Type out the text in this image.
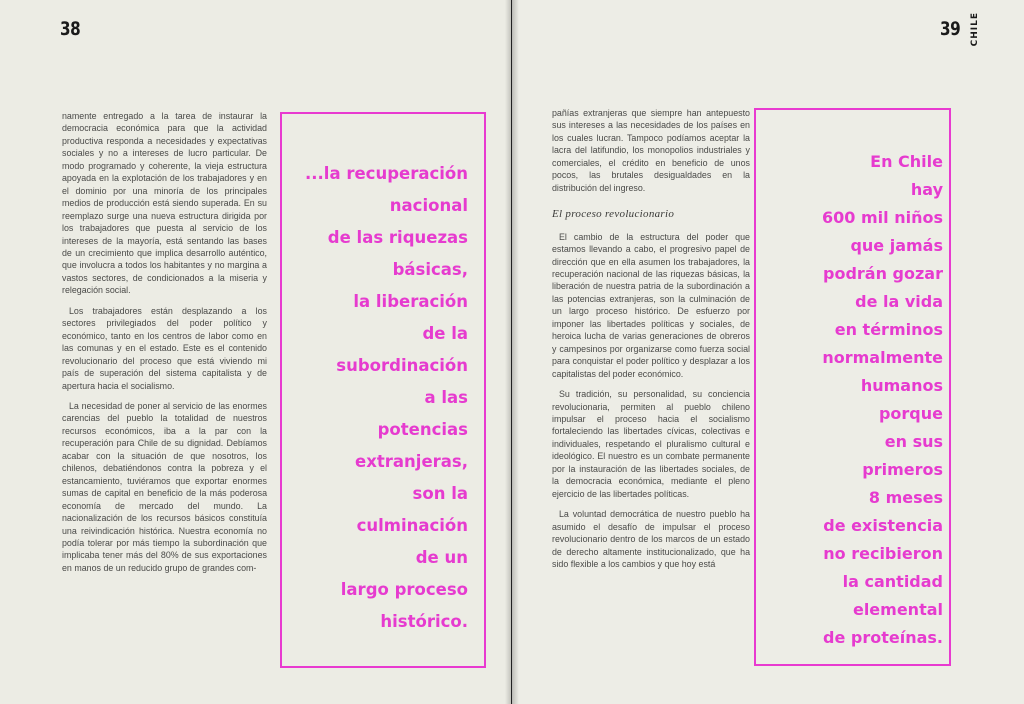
38

namente entregado a la tarea de instaurar la democracia económica para que la actividad productiva responda a necesidades y expectativas sociales y no a intereses de lucro particular. De modo programado y coherente, la vieja estructura apoyada en la explotación de los trabajadores y en el dominio por una minoría de los principales medios de producción está siendo superada. En su reemplazo surge una nueva estructura dirigida por los trabajadores que puesta al servicio de los intereses de la mayoría, está sentando las bases de un crecimiento que implica desarrollo auténtico, que involucra a todos los habitantes y no margina a vastos sectores, de condicionados a la miseria y relegación social.

Los trabajadores están desplazando a los sectores privilegiados del poder político y económico, tanto en los centros de labor como en las comunas y en el estado. Este es el contenido revolucionario del proceso que está viviendo mi país de superación del sistema capitalista y de apertura hacia el socialismo.

La necesidad de poner al servicio de las enormes carencias del pueblo la totalidad de nuestros recursos económicos, iba a la par con la recuperación para Chile de su dignidad. Debíamos acabar con la situación de que nosotros, los chilenos, debatiéndonos contra la pobreza y el estancamiento, tuviéramos que exportar enormes sumas de capital en beneficio de la más poderosa economía de mercado del mundo. La nacionalización de los recursos básicos constituía una reivindicación histórica. Nuestra economía no podía tolerar por más tiempo la subordinación que implicaba tener más del 80% de sus exportaciones en manos de un reducido grupo de grandes com-

...la recuperación
nacional
de las riquezas
básicas,
la liberación
de la
subordinación
a las
potencias
extranjeras,
son la
culminación
de un
largo proceso
histórico.
39 CHILE

pañías extranjeras que siempre han antepuesto sus intereses a las necesidades de los países en los cuales lucran. Tampoco podíamos aceptar la lacra del latifundio, los monopolios industriales y comerciales, el crédito en beneficio de unos pocos, las brutales desigualdades en la distribución del ingreso.

El proceso revolucionario

El cambio de la estructura del poder que estamos llevando a cabo, el progresivo papel de dirección que en ella asumen los trabajadores, la recuperación nacional de las riquezas básicas, la liberación de nuestra patria de la subordinación a las potencias extranjeras, son la culminación de un largo proceso histórico. De esfuerzo por imponer las libertades políticas y sociales, de heroica lucha de varias generaciones de obreros y campesinos por organizarse como fuerza social para conquistar el poder político y desplazar a los capitalistas del poder económico.

Su tradición, su personalidad, su conciencia revolucionaria, permiten al pueblo chileno impulsar el proceso hacia el socialismo fortaleciendo las libertades cívicas, colectivas e individuales, respetando el pluralismo cultural e ideológico. El nuestro es un combate permanente por la instauración de las libertades sociales, de la democracia económica, mediante el pleno ejercicio de las libertades políticas.

La voluntad democrática de nuestro pueblo ha asumido el desafío de impulsar el proceso revolucionario dentro de los marcos de un estado de derecho altamente institucionalizado, que ha sido flexible a los cambios y que hoy está

En Chile
hay
600 mil niños
que jamás
podrán gozar
de la vida
en términos
normalmente
humanos
porque
en sus
primeros
8 meses
de existencia
no recibieron
la cantidad
elemental
de proteínas.
